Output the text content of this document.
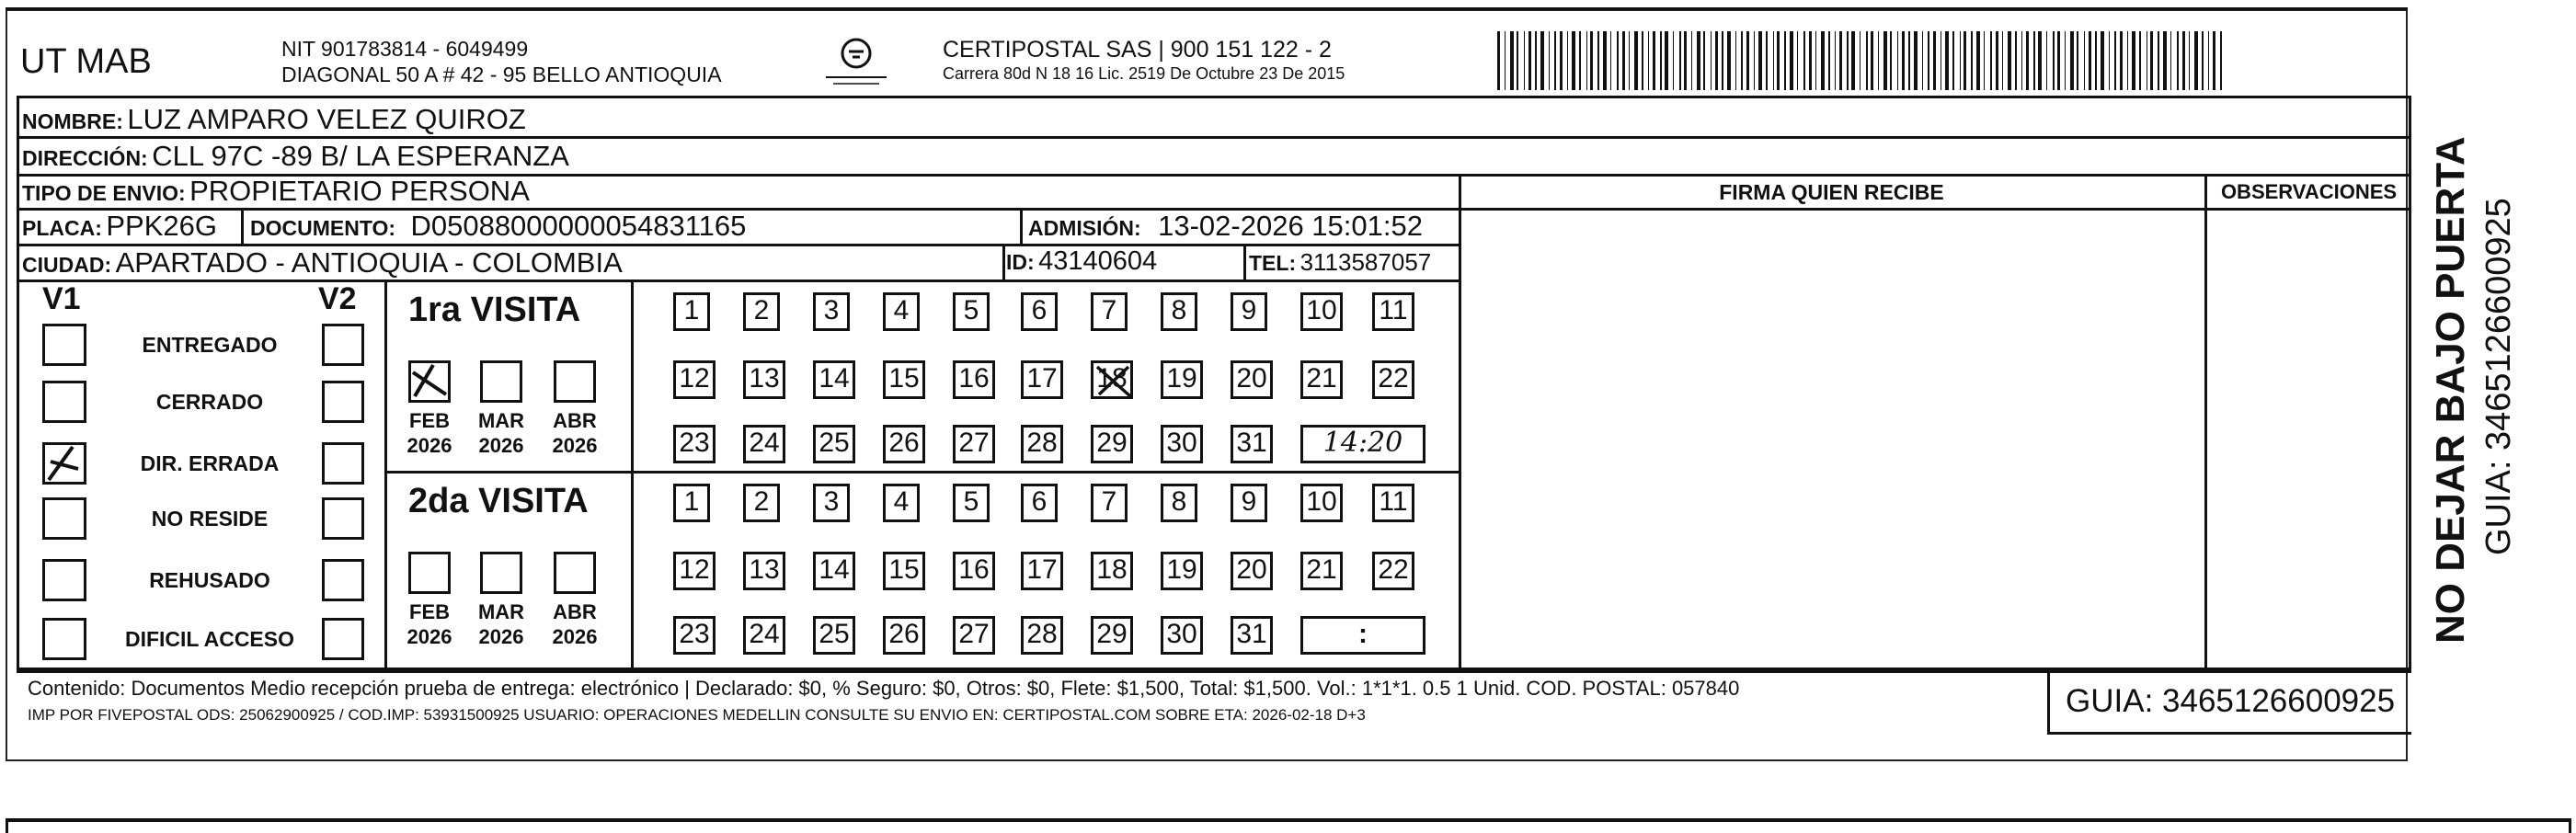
UT MAB	NIT 901783814 - 6049499
DIAGONAL 50 A # 42 - 95 BELLO ANTIOQUIA
CERTIPOSTAL SAS | 900 151 122 - 2
Carrera 80d N 18 16 Lic. 2519 De Octubre 23 De 2015
NOMBRE: LUZ AMPARO VELEZ QUIROZ
DIRECCIÓN: CLL 97C -89 B/ LA ESPERANZA
TIPO DE ENVIO: PROPIETARIO PERSONA	FIRMA QUIEN RECIBE	OBSERVACIONES
PLACA: PPK26G DOCUMENTO: D05088000000054831165	ADMISIÓN: 13-02-2026 15:01:52
CIUDAD: APARTADO - ANTIOQUIA - COLOMBIA	ID: 43140604	TEL: 3113587057
V1	V2
ENTREGADO
CERRADO
DIR. ERRADA
NO RESIDE
REHUSADO
DIFICIL ACCESO
1ra VISITA
FEB
2026
MAR
2026
ABR
2026
1	2	3	4	5	6	7	8	9	10 11
12 13 14 15 16 17 18 19 20 21 22
23 24 25 26 27 28 29 30 31	14:20
2da VISITA
FEB
2026
MAR
2026
ABR
2026
1	2	3	4	5	6	7	8	9	10 11
12 13 14 15 16 17 18 19 20 21 22
23 24 25 26 27 28 29 30 31	:
Contenido: Documentos Medio recepción prueba de entrega: electrónico | Declarado: $0, % Seguro: $0, Otros: $0, Flete: $1,500, Total: $1,500. Vol.: 1*1*1. 0.5 1 Unid. COD. POSTAL: 057840
IMP POR FIVEPOSTAL ODS: 25062900925 / COD.IMP: 53931500925 USUARIO: OPERACIONES MEDELLIN CONSULTE SU ENVIO EN: CERTIPOSTAL.COM SOBRE ETA: 2026-02-18 D+3	GUIA: 3465126600925
NO DEJAR BAJO PUERTA GUIA: 3465126600925
